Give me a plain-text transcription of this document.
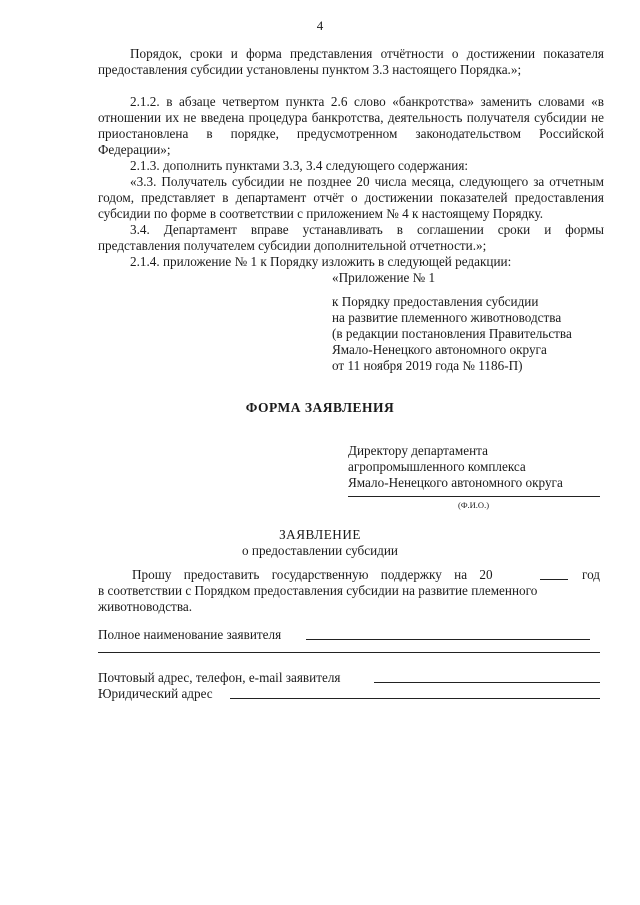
4

Порядок, сроки и форма представления отчётности о достижении показателя предоставления субсидии установлены пунктом 3.3 настоящего Порядка.»;

2.1.2. в абзаце четвертом пункта 2.6 слово «банкротства» заменить словами «в отношении их не введена процедура банкротства, деятельность получателя субсидии не приостановлена в порядке, предусмотренном законодательством Российской Федерации»;

2.1.3. дополнить пунктами 3.3, 3.4 следующего содержания:

«3.3. Получатель субсидии не позднее 20 числа месяца, следующего за отчетным годом, представляет в департамент отчёт о достижении показателей предоставления субсидии по форме в соответствии с приложением № 4 к настоящему Порядку.

3.4. Департамент вправе устанавливать в соглашении сроки и формы представления получателем субсидии дополнительной отчетности.»;

2.1.4. приложение № 1 к Порядку изложить в следующей редакции:

«Приложение № 1
к Порядку предоставления субсидии
на развитие племенного животноводства
(в редакции постановления Правительства
Ямало-Ненецкого автономного округа
от 11 ноября 2019 года № 1186-П)
ФОРМА ЗАЯВЛЕНИЯ
Директору департамента
агропромышленного комплекса
Ямало-Ненецкого автономного округа
(Ф.И.О.)
ЗАЯВЛЕНИЕ
о предоставлении субсидии
Прошу предоставить государственную поддержку на 20	год
в соответствии с Порядком предоставления субсидии на развитие племенного
животноводства.
Полное наименование заявителя
Почтовый адрес, телефон, e-mail заявителя
Юридический адрес
